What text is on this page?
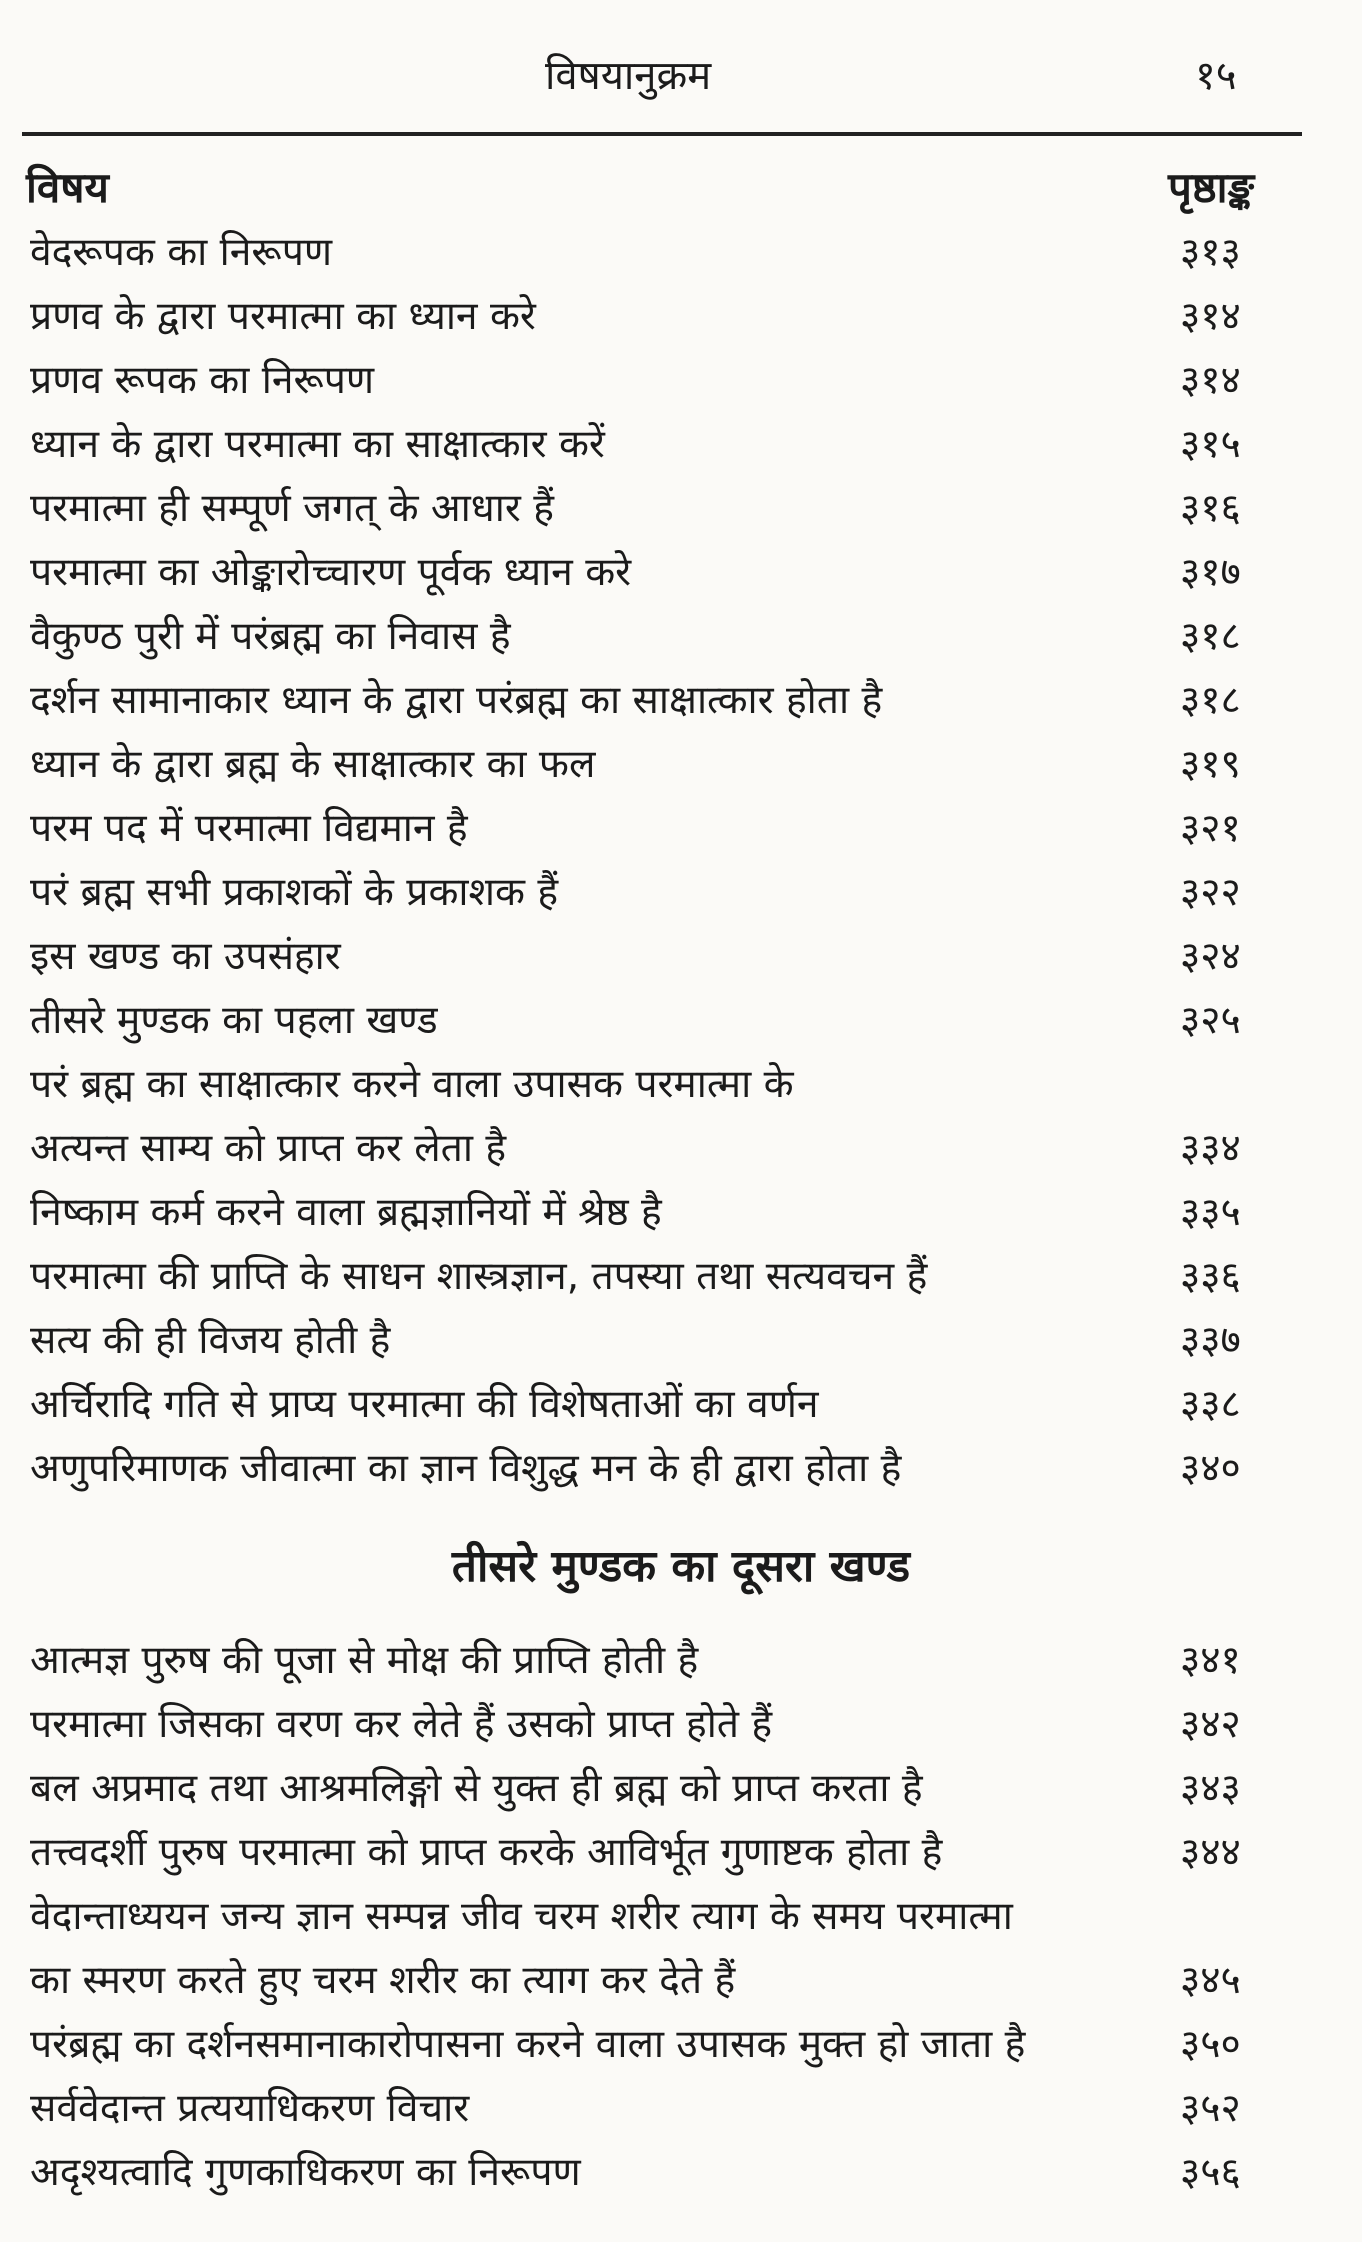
विषयानुक्रम	१५
विषय	पृष्ठाङ्क
वेदरूपक का निरूपण	३१३
प्रणव के द्वारा परमात्मा का ध्यान करे	३१४
प्रणव रूपक का निरूपण	३१४
ध्यान के द्वारा परमात्मा का साक्षात्कार करें	३१५
परमात्मा ही सम्पूर्ण जगत् के आधार हैं	३१६
परमात्मा का ओङ्कारोच्चारण पूर्वक ध्यान करे	३१७
वैकुण्ठ पुरी में परंब्रह्म का निवास है	३१८
दर्शन सामानाकार ध्यान के द्वारा परंब्रह्म का साक्षात्कार होता है	३१८
ध्यान के द्वारा ब्रह्म के साक्षात्कार का फल	३१९
परम पद में परमात्मा विद्यमान है	३२१
परं ब्रह्म सभी प्रकाशकों के प्रकाशक हैं	३२२
इस खण्ड का उपसंहार	३२४
तीसरे मुण्डक का पहला खण्ड	३२५
परं ब्रह्म का साक्षात्कार करने वाला उपासक परमात्मा के
अत्यन्त साम्य को प्राप्त कर लेता है	३३४
निष्काम कर्म करने वाला ब्रह्मज्ञानियों में श्रेष्ठ है	३३५
परमात्मा की प्राप्ति के साधन शास्त्रज्ञान, तपस्या तथा सत्यवचन हैं	३३६
सत्य की ही विजय होती है	३३७
अर्चिरादि गति से प्राप्य परमात्मा की विशेषताओं का वर्णन	३३८
अणुपरिमाणक जीवात्मा का ज्ञान विशुद्ध मन के ही द्वारा होता है	३४०
तीसरे मुण्डक का दूसरा खण्ड
आत्मज्ञ पुरुष की पूजा से मोक्ष की प्राप्ति होती है	३४१
परमात्मा जिसका वरण कर लेते हैं उसको प्राप्त होते हैं	३४२
बल अप्रमाद तथा आश्रमलिङ्गो से युक्त ही ब्रह्म को प्राप्त करता है	३४३
तत्त्वदर्शी पुरुष परमात्मा को प्राप्त करके आविर्भूत गुणाष्टक होता है	३४४
वेदान्ताध्ययन जन्य ज्ञान सम्पन्न जीव चरम शरीर त्याग के समय परमात्मा
का स्मरण करते हुए चरम शरीर का त्याग कर देते हैं	३४५
परंब्रह्म का दर्शनसमानाकारोपासना करने वाला उपासक मुक्त हो जाता है	३५०
सर्ववेदान्त प्रत्ययाधिकरण विचार	३५२
अदृश्यत्वादि गुणकाधिकरण का निरूपण	३५६
